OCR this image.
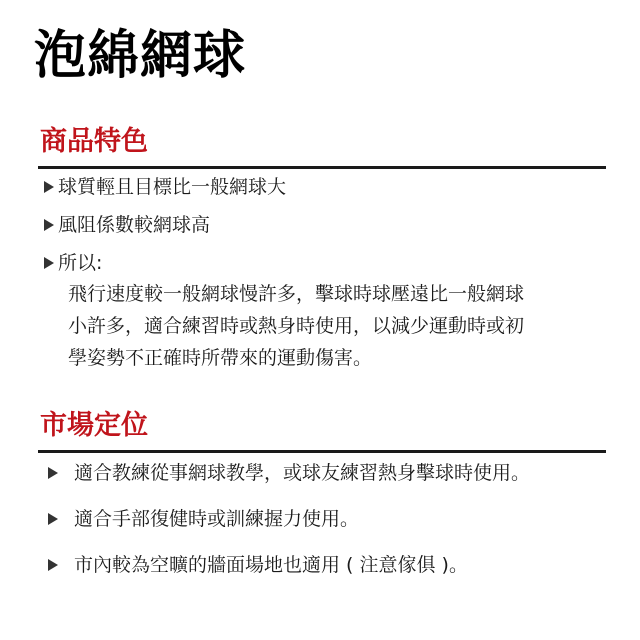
泡綿網球
商品特色
球質輕且目標比一般網球大
風阻係數較網球高
所以:

飛行速度較一般網球慢許多，擊球時球壓遠比一般網球
小許多，適合練習時或熱身時使用，以減少運動時或初
學姿勢不正確時所帶來的運動傷害。

市場定位
適合教練從事網球教學，或球友練習熱身擊球時使用。
適合手部復健時或訓練握力使用。
市內較為空曠的牆面場地也適用 ( 注意傢俱 )。
